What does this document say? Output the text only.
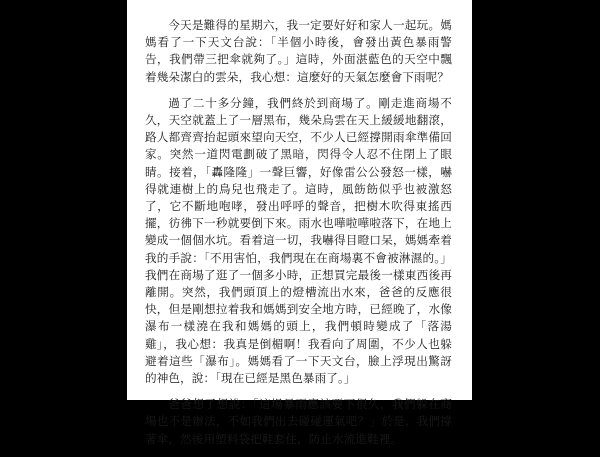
今天是難得的星期六，我一定要好好和家人一起玩。媽媽看了一下天文台說：「半個小時後，會發出黃色暴雨警告，我們帶三把傘就夠了。」這時，外面湛藍色的天空中飄着幾朵潔白的雲朵，我心想：這麼好的天氣怎麼會下雨呢？

過了二十多分鐘，我們終於到商場了。剛走進商場不久，天空就蓋上了一層黑布，幾朵烏雲在天上緩緩地翻滾，路人都齊齊抬起頭來望向天空，不少人已經撐開雨傘準備回家。突然一道閃電劃破了黑暗，閃得令人忍不住閉上了眼睛。接着，「轟隆隆」一聲巨響，好像雷公公發怒一樣，嚇得就連樹上的鳥兒也飛走了。這時，風飭飭似乎也被激怒了，它不斷地咆哮，發出呼呼的聲音，把樹木吹得東搖西擺，彷彿下一秒就要倒下來。雨水也嘩啦嘩啦落下，在地上變成一個個水坑。看着這一切，我嚇得目瞪口呆，媽媽牽着我的手說：「不用害怕，我們現在在商場裏不會被淋濕的。」我們在商場了逛了一個多小時，正想買完最後一樣東西後再離開。突然，我們頭頂上的燈槽流出水來，爸爸的反應很快，但是剛想拉着我和媽媽到安全地方時，已經晚了，水像瀑布一樣澆在我和媽媽的頭上，我們頓時變成了「落湯雞」，我心想：我真是倒楣啊！我看向了周圍，不少人也躲避着這些「瀑布」。媽媽看了一下天文台，臉上浮現出驚訝的神色，說：「現在已經是黑色暴雨了。」

爸爸想了想說：「這場暴雨應該要下很久，我們躲在商場也不是辦法，不如我們出去碰碰運氣吧？」於是，我們撐著傘，然後用塑料袋把鞋套住，防止水流進鞋裡。
